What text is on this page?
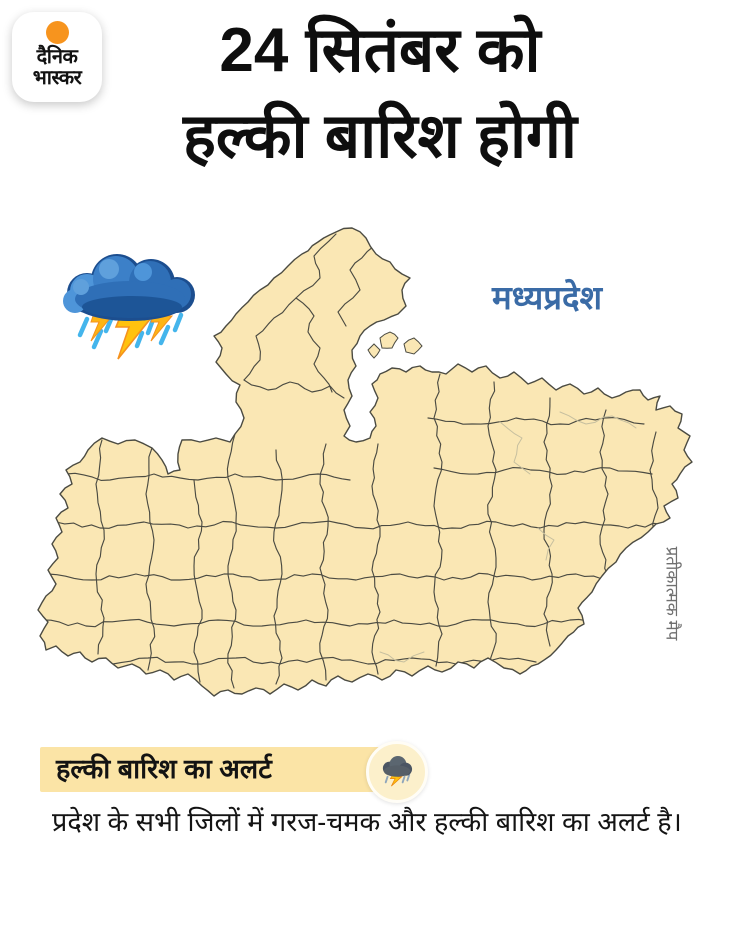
दैनिक
भास्कर	24 सितंबर को
हल्की बारिश होगी
मध्यप्रदेश
प्रतीकात्मक मैप
हल्की बारिश का अलर्ट

प्रदेश के सभी जिलों में गरज-चमक और हल्की बारिश का अलर्ट है।
